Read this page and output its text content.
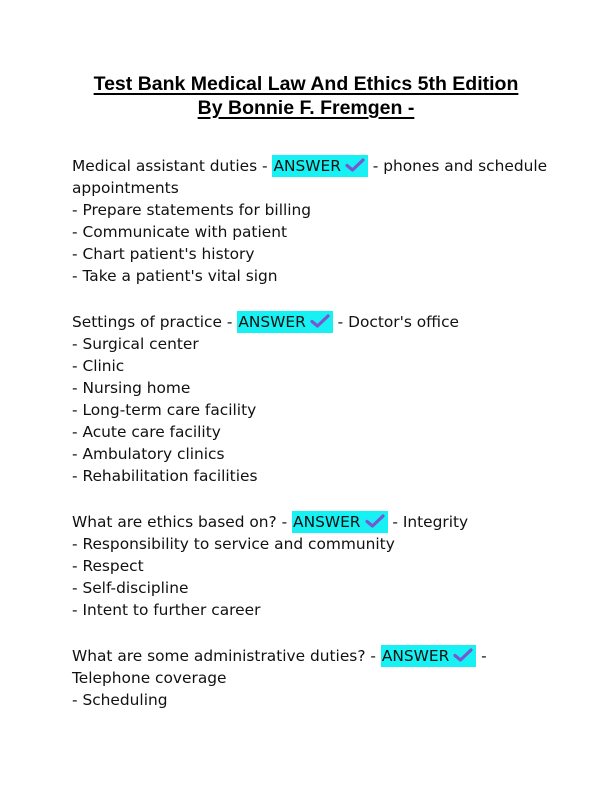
Test Bank Medical Law And Ethics 5th Edition
By Bonnie F. Fremgen -
Medical assistant duties - ANSWER
- phones and schedule
appointments
- Prepare statements for billing
- Communicate with patient
- Chart patient's history
- Take a patient's vital sign
Settings of practice - ANSWER
- Doctor's office
- Surgical center
- Clinic
- Nursing home
- Long-term care facility
- Acute care facility
- Ambulatory clinics
- Rehabilitation facilities
What are ethics based on? - ANSWER
- Integrity
- Responsibility to service and community
- Respect
- Self-discipline
- Intent to further career
What are some administrative duties? - ANSWER
-
Telephone coverage
- Scheduling
